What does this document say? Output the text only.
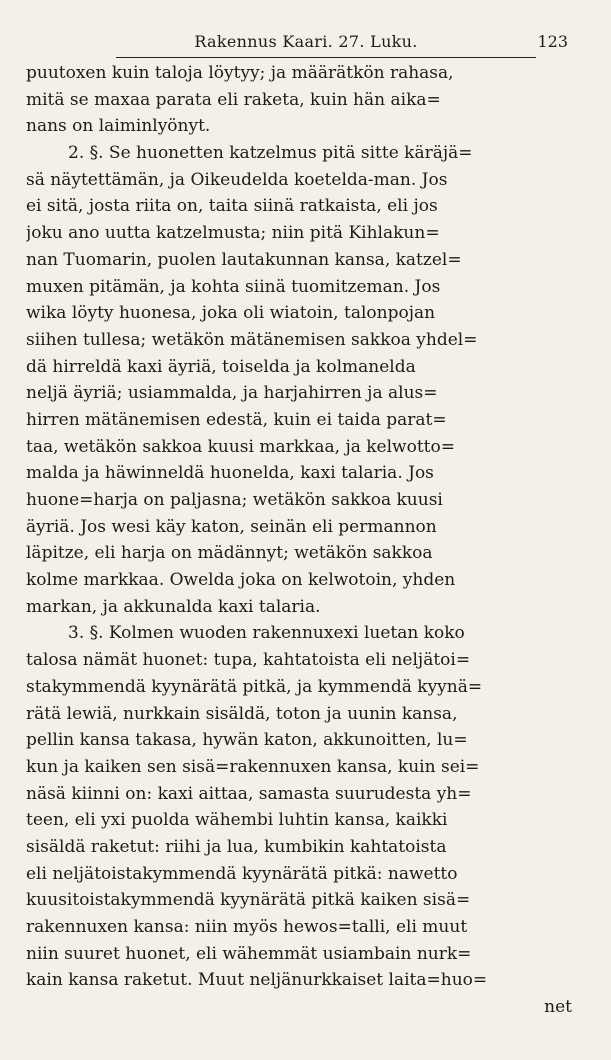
Rakennus Kaari. 27. Luku.	123
puutoxen kuin taloja löytyy; ja määrätkön rahasa,
mitä se maxaa parata eli raketa, kuin hän aika=
nans on laiminlyönyt.
2. §. Se huonetten katzelmus pitä sitte käräjä=
sä näytettämän, ja Oikeudelda koetelda-man. Jos
ei sitä, josta riita on, taita siinä ratkaista, eli jos
joku ano uutta katzelmusta; niin pitä Kihlakun=
nan Tuomarin, puolen lautakunnan kansa, katzel=
muxen pitämän, ja kohta siinä tuomitzeman. Jos
wika löyty huonesa, joka oli wiatoin, talonpojan
siihen tullesa; wetäkön mätänemisen sakkoa yhdel=
dä hirreldä kaxi äyriä, toiselda ja kolmanelda
neljä äyriä; usiammalda, ja harjahirren ja alus=
hirren mätänemisen edestä, kuin ei taida parat=
taa, wetäkön sakkoa kuusi markkaa, ja kelwotto=
malda ja häwinneldä huonelda, kaxi talaria. Jos
huone=harja on paljasna; wetäkön sakkoa kuusi
äyriä. Jos wesi käy katon, seinän eli permannon
läpitze, eli harja on mädännyt; wetäkön sakkoa
kolme markkaa. Owelda joka on kelwotoin, yhden
markan, ja akkunalda kaxi talaria.
3. §. Kolmen wuoden rakennuxexi luetan koko
talosa nämät huonet: tupa, kahtatoista eli neljätoi=
stakymmendä kyynärätä pitkä, ja kymmendä kyynä=
rätä lewiä, nurkkain sisäldä, toton ja uunin kansa,
pellin kansa takasa, hywän katon, akkunoitten, lu=
kun ja kaiken sen sisä=rakennuxen kansa, kuin sei=
näsä kiinni on: kaxi aittaa, samasta suurudesta yh=
teen, eli yxi puolda wähembi luhtin kansa, kaikki
sisäldä raketut: riihi ja lua, kumbikin kahtatoista
eli neljätoistakymmendä kyynärätä pitkä: nawetto
kuusitoistakymmendä kyynärätä pitkä kaiken sisä=
rakennuxen kansa: niin myös hewos=talli, eli muut
niin suuret huonet, eli wähemmät usiambain nurk=
kain kansa raketut. Muut neljänurkkaiset laita=huo=
net
